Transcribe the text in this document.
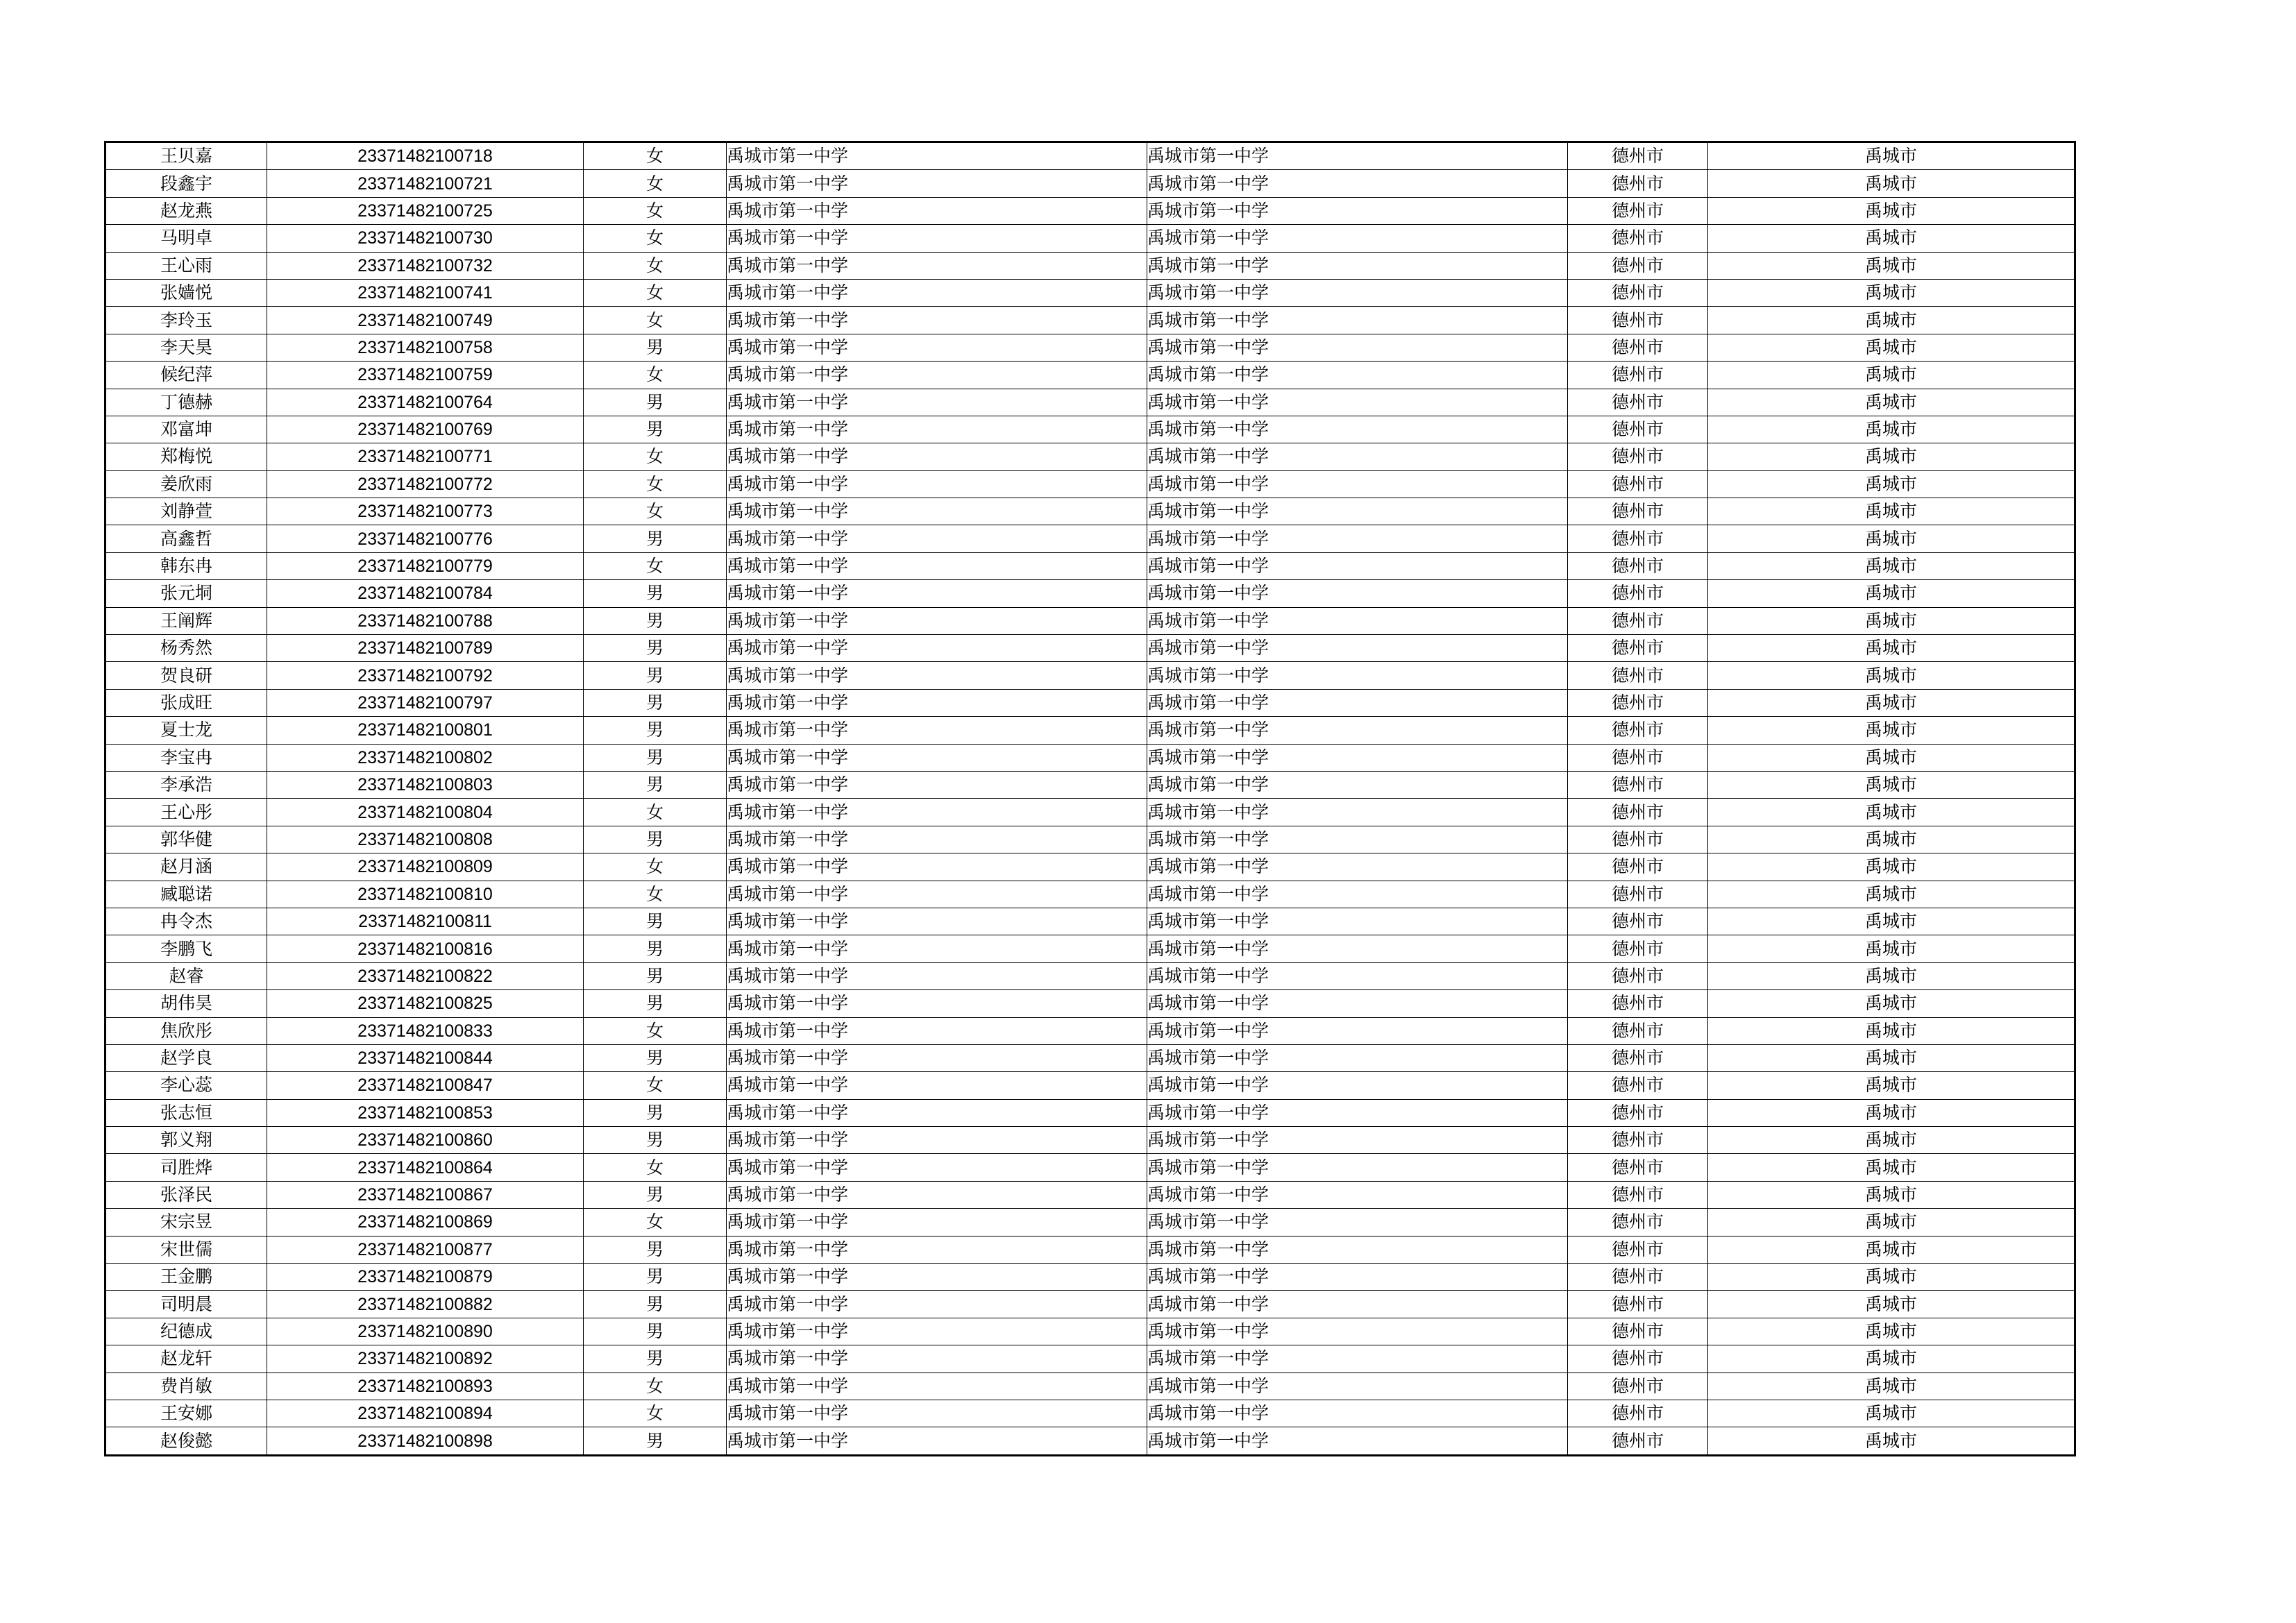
王贝嘉	23371482100718	女	禹城市第一中学	禹城市第一中学	德州市	禹城市
段鑫宇	23371482100721	女	禹城市第一中学	禹城市第一中学	德州市	禹城市
赵龙燕	23371482100725	女	禹城市第一中学	禹城市第一中学	德州市	禹城市
马明卓	23371482100730	女	禹城市第一中学	禹城市第一中学	德州市	禹城市
王心雨	23371482100732	女	禹城市第一中学	禹城市第一中学	德州市	禹城市
张嫱悦	23371482100741	女	禹城市第一中学	禹城市第一中学	德州市	禹城市
李玲玉	23371482100749	女	禹城市第一中学	禹城市第一中学	德州市	禹城市
李天昊	23371482100758	男	禹城市第一中学	禹城市第一中学	德州市	禹城市
候纪萍	23371482100759	女	禹城市第一中学	禹城市第一中学	德州市	禹城市
丁德赫	23371482100764	男	禹城市第一中学	禹城市第一中学	德州市	禹城市
邓富坤	23371482100769	男	禹城市第一中学	禹城市第一中学	德州市	禹城市
郑梅悦	23371482100771	女	禹城市第一中学	禹城市第一中学	德州市	禹城市
姜欣雨	23371482100772	女	禹城市第一中学	禹城市第一中学	德州市	禹城市
刘静萱	23371482100773	女	禹城市第一中学	禹城市第一中学	德州市	禹城市
高鑫哲	23371482100776	男	禹城市第一中学	禹城市第一中学	德州市	禹城市
韩东冉	23371482100779	女	禹城市第一中学	禹城市第一中学	德州市	禹城市
张元垌	23371482100784	男	禹城市第一中学	禹城市第一中学	德州市	禹城市
王阐辉	23371482100788	男	禹城市第一中学	禹城市第一中学	德州市	禹城市
杨秀然	23371482100789	男	禹城市第一中学	禹城市第一中学	德州市	禹城市
贺良研	23371482100792	男	禹城市第一中学	禹城市第一中学	德州市	禹城市
张成旺	23371482100797	男	禹城市第一中学	禹城市第一中学	德州市	禹城市
夏士龙	23371482100801	男	禹城市第一中学	禹城市第一中学	德州市	禹城市
李宝冉	23371482100802	男	禹城市第一中学	禹城市第一中学	德州市	禹城市
李承浩	23371482100803	男	禹城市第一中学	禹城市第一中学	德州市	禹城市
王心彤	23371482100804	女	禹城市第一中学	禹城市第一中学	德州市	禹城市
郭华健	23371482100808	男	禹城市第一中学	禹城市第一中学	德州市	禹城市
赵月涵	23371482100809	女	禹城市第一中学	禹城市第一中学	德州市	禹城市
臧聪诺	23371482100810	女	禹城市第一中学	禹城市第一中学	德州市	禹城市
冉令杰	23371482100811	男	禹城市第一中学	禹城市第一中学	德州市	禹城市
李鹏飞	23371482100816	男	禹城市第一中学	禹城市第一中学	德州市	禹城市
赵睿	23371482100822	男	禹城市第一中学	禹城市第一中学	德州市	禹城市
胡伟昊	23371482100825	男	禹城市第一中学	禹城市第一中学	德州市	禹城市
焦欣彤	23371482100833	女	禹城市第一中学	禹城市第一中学	德州市	禹城市
赵学良	23371482100844	男	禹城市第一中学	禹城市第一中学	德州市	禹城市
李心蕊	23371482100847	女	禹城市第一中学	禹城市第一中学	德州市	禹城市
张志恒	23371482100853	男	禹城市第一中学	禹城市第一中学	德州市	禹城市
郭义翔	23371482100860	男	禹城市第一中学	禹城市第一中学	德州市	禹城市
司胜烨	23371482100864	女	禹城市第一中学	禹城市第一中学	德州市	禹城市
张泽民	23371482100867	男	禹城市第一中学	禹城市第一中学	德州市	禹城市
宋宗昱	23371482100869	女	禹城市第一中学	禹城市第一中学	德州市	禹城市
宋世儒	23371482100877	男	禹城市第一中学	禹城市第一中学	德州市	禹城市
王金鹏	23371482100879	男	禹城市第一中学	禹城市第一中学	德州市	禹城市
司明晨	23371482100882	男	禹城市第一中学	禹城市第一中学	德州市	禹城市
纪德成	23371482100890	男	禹城市第一中学	禹城市第一中学	德州市	禹城市
赵龙轩	23371482100892	男	禹城市第一中学	禹城市第一中学	德州市	禹城市
费肖敏	23371482100893	女	禹城市第一中学	禹城市第一中学	德州市	禹城市
王安娜	23371482100894	女	禹城市第一中学	禹城市第一中学	德州市	禹城市
赵俊懿	23371482100898	男	禹城市第一中学	禹城市第一中学	德州市	禹城市
